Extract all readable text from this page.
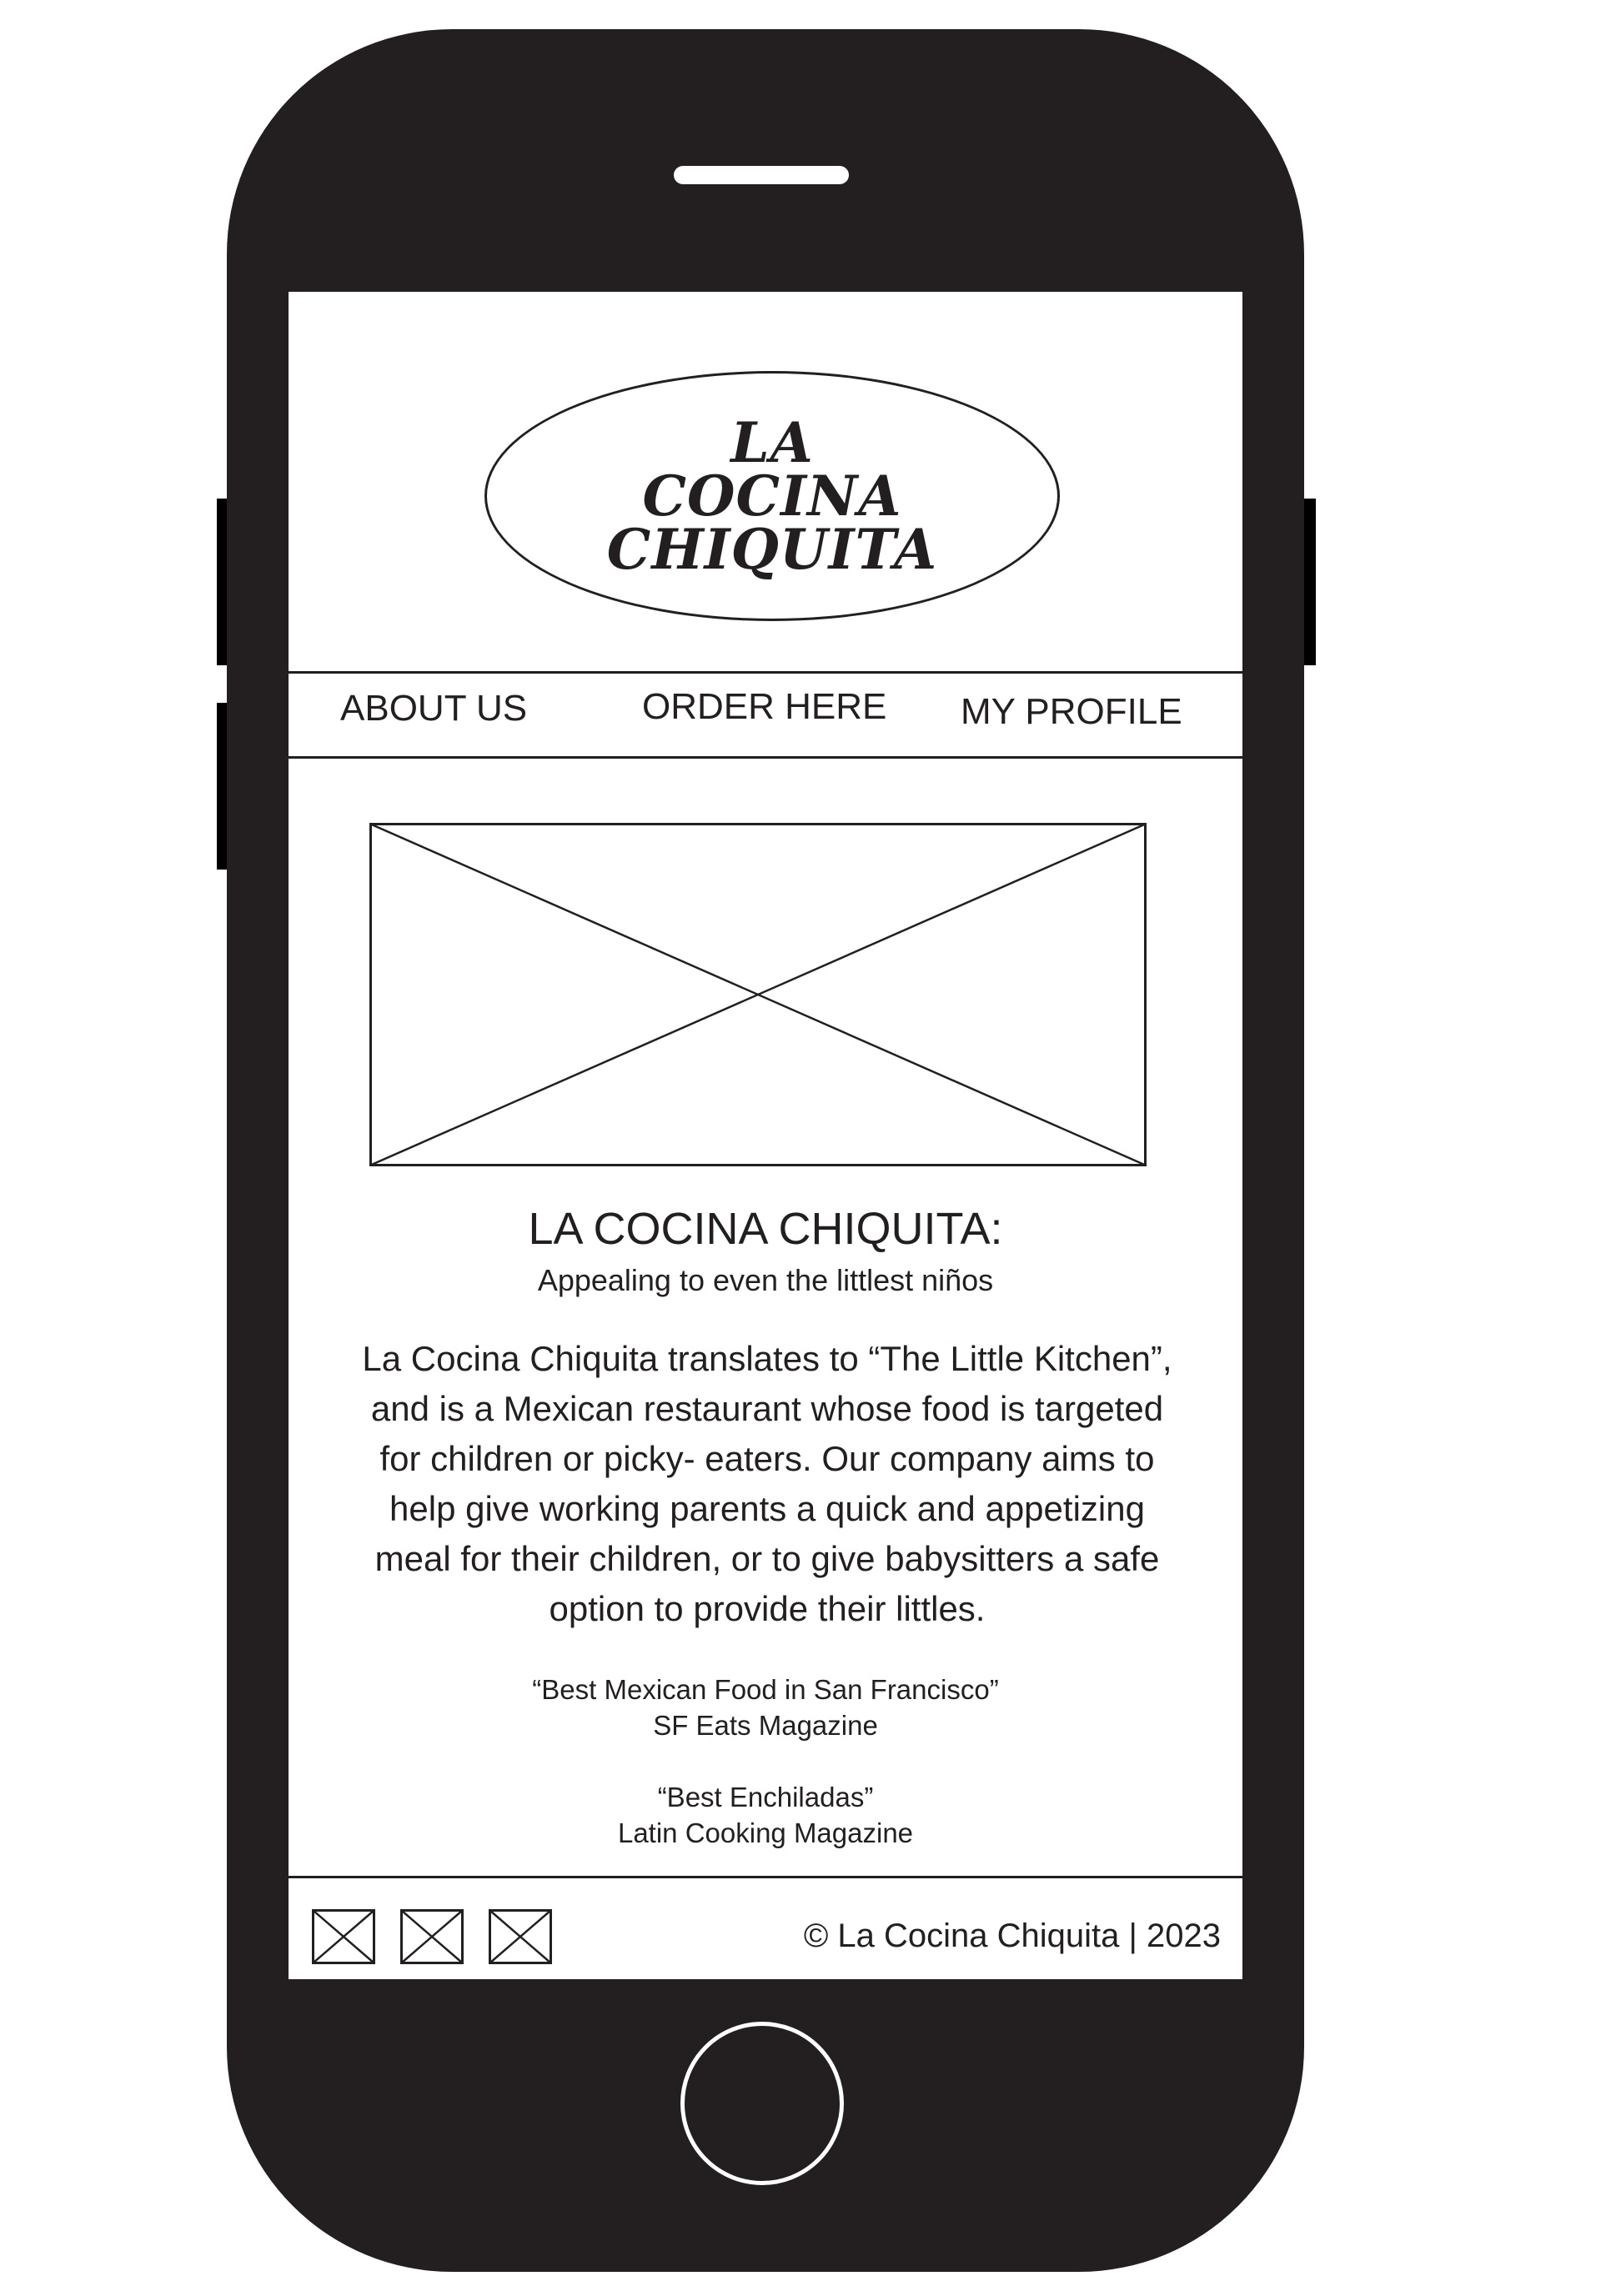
LA
COCINA
CHIQUITA
ABOUT US	ORDER HERE MY PROFILE
LA COCINA CHIQUITA:
Appealing to even the littlest niños
La Cocina Chiquita translates to “The Little Kitchen”,
and is a Mexican restaurant whose food is targeted
for children or picky- eaters. Our company aims to
help give working parents a quick and appetizing
meal for their children, or to give babysitters a safe
option to provide their littles.
“Best Mexican Food in San Francisco”
SF Eats Magazine
“Best Enchiladas”
Latin Cooking Magazine
© La Cocina Chiquita | 2023
